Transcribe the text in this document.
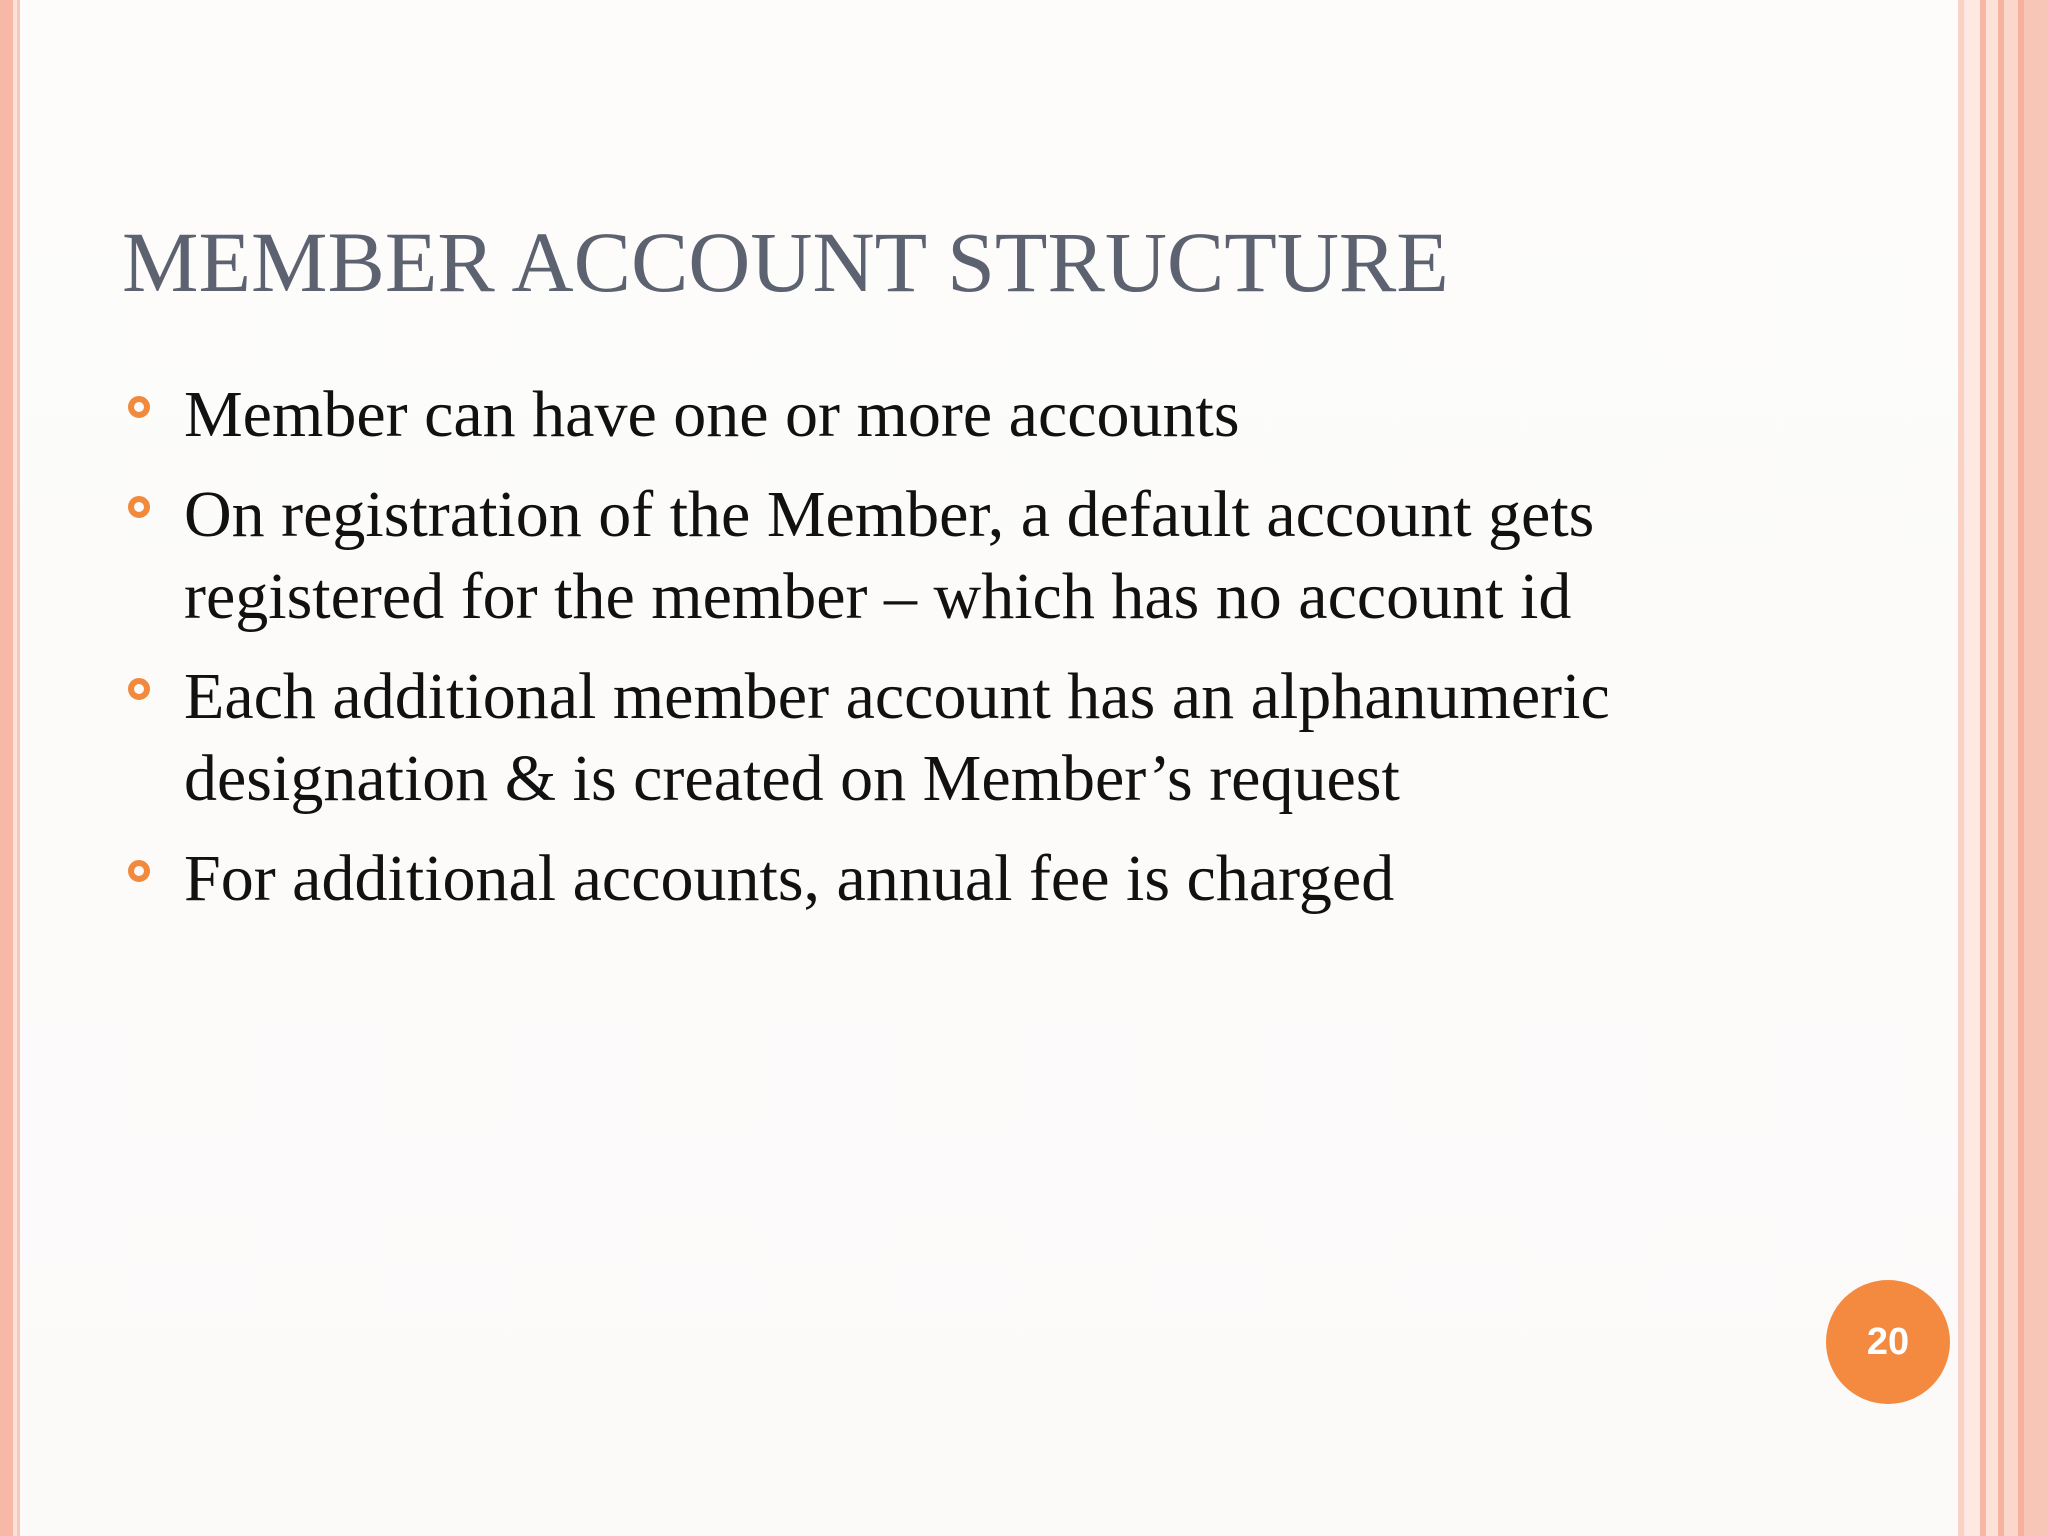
MEMBER ACCOUNT STRUCTURE
Member can have one or more accounts
On registration of the Member, a default account gets registered for the member – which has no account id
Each additional member account has an alphanumeric designation & is created on Member’s request
For additional accounts, annual fee is charged
20
